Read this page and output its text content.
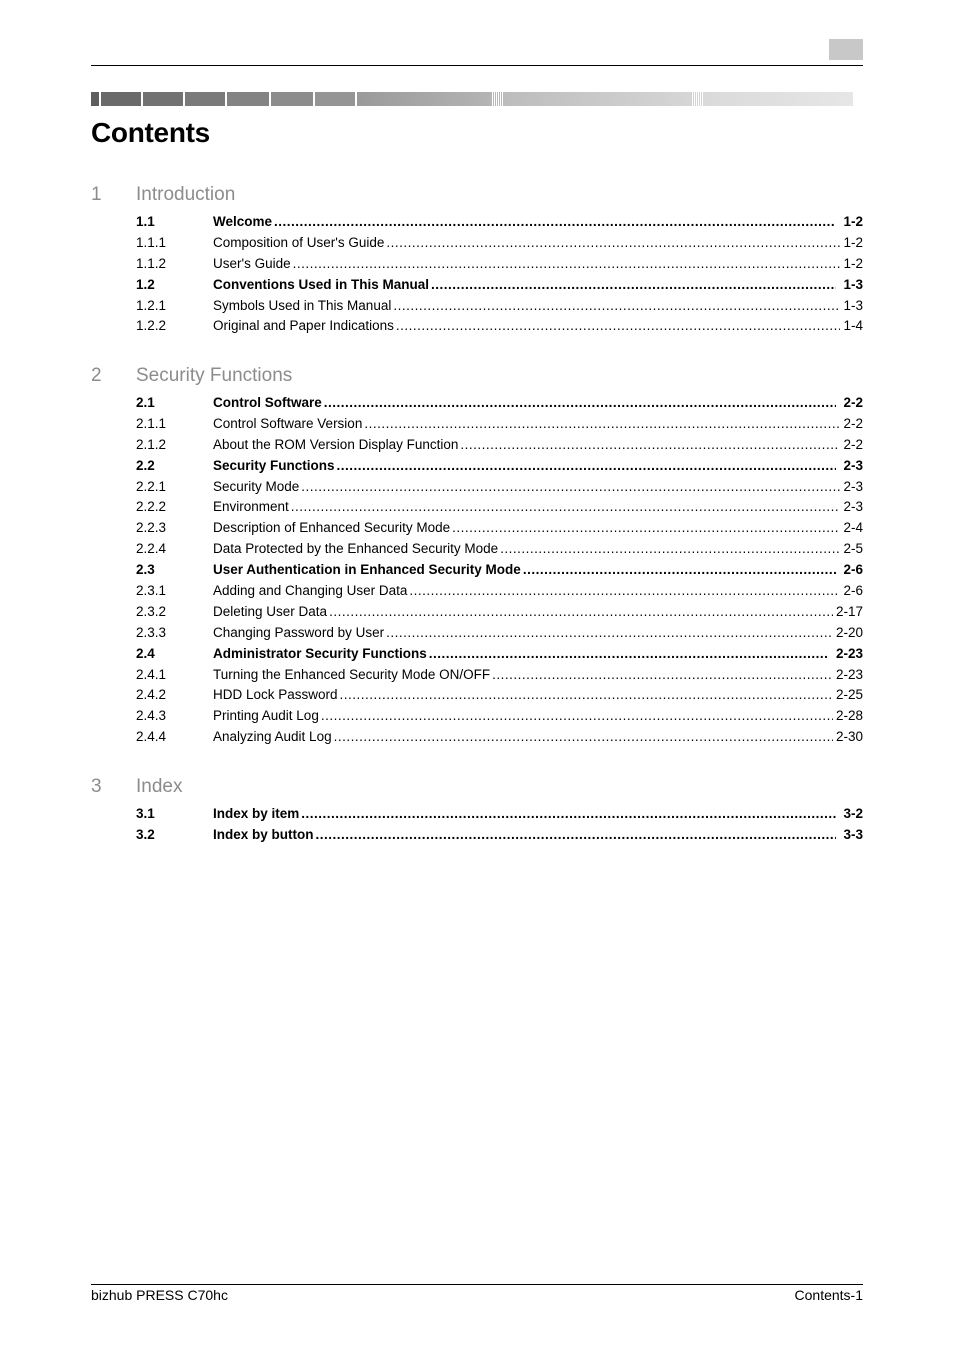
Contents
1 Introduction
1.1	Welcome .....	1-2
1.1.1	Composition of User's Guide .....	1-2
1.1.2	User's Guide .....	1-2
1.2	Conventions Used in This Manual .....	1-3
1.2.1	Symbols Used in This Manual .....	1-3
1.2.2	Original and Paper Indications .....	1-4
2 Security Functions
2.1	Control Software .....	2-2
2.1.1	Control Software Version .....	2-2
2.1.2	About the ROM Version Display Function .....	2-2
2.2	Security Functions .....	2-3
2.2.1	Security Mode .....	2-3
2.2.2	Environment .....	2-3
2.2.3	Description of Enhanced Security Mode .....	2-4
2.2.4	Data Protected by the Enhanced Security Mode .....	2-5
2.3	User Authentication in Enhanced Security Mode .....	2-6
2.3.1	Adding and Changing User Data .....	2-6
2.3.2	Deleting User Data .....	2-17
2.3.3	Changing Password by User .....	2-20
2.4	Administrator Security Functions .....	2-23
2.4.1	Turning the Enhanced Security Mode ON/OFF .....	2-23
2.4.2	HDD Lock Password .....	2-25
2.4.3	Printing Audit Log .....	2-28
2.4.4	Analyzing Audit Log .....	2-30
3 Index
3.1	Index by item .....	3-2
3.2	Index by button .....	3-3
bizhub PRESS C70hc	Contents-1
